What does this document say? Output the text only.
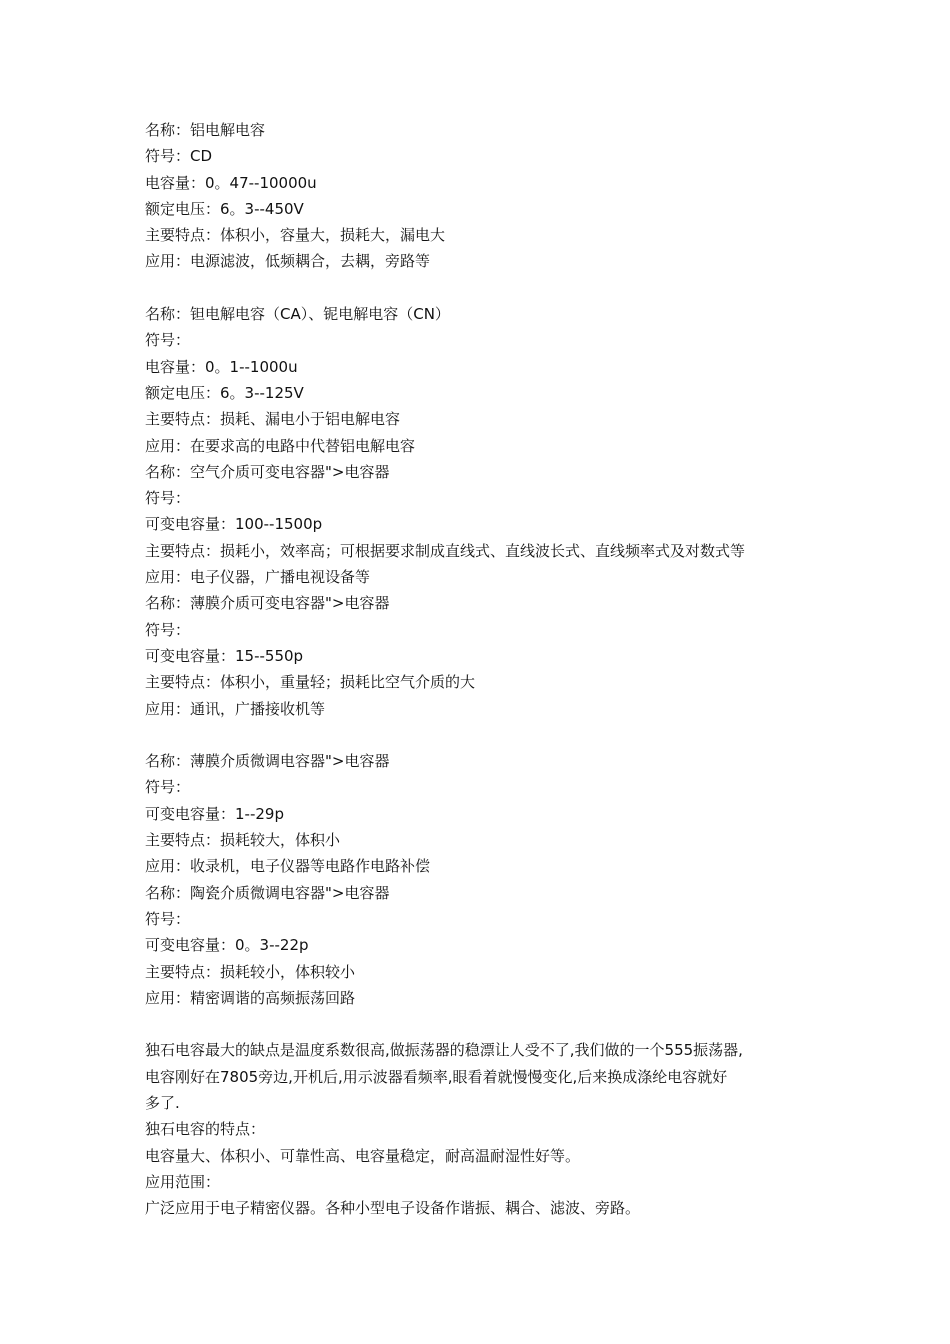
名称：铝电解电容
符号：CD
电容量：0。47--10000u
额定电压：6。3--450V
主要特点：体积小，容量大，损耗大，漏电大
应用：电源滤波，低频耦合，去耦，旁路等
名称：钽电解电容（CA）、铌电解电容（CN）
符号：
电容量：0。1--1000u
额定电压：6。3--125V
主要特点：损耗、漏电小于铝电解电容
应用：在要求高的电路中代替铝电解电容
名称：空气介质可变电容器">电容器
符号：
可变电容量：100--1500p
主要特点：损耗小，效率高；可根据要求制成直线式、直线波长式、直线频率式及对数式等
应用：电子仪器，广播电视设备等
名称：薄膜介质可变电容器">电容器
符号：
可变电容量：15--550p
主要特点：体积小，重量轻；损耗比空气介质的大
应用：通讯，广播接收机等
名称：薄膜介质微调电容器">电容器
符号：
可变电容量：1--29p
主要特点：损耗较大，体积小
应用：收录机，电子仪器等电路作电路补偿
名称：陶瓷介质微调电容器">电容器
符号：
可变电容量：0。3--22p
主要特点：损耗较小，体积较小
应用：精密调谐的高频振荡回路
独石电容最大的缺点是温度系数很高,做振荡器的稳漂让人受不了,我们做的一个555振荡器,
电容刚好在7805旁边,开机后,用示波器看频率,眼看着就慢慢变化,后来换成涤纶电容就好
多了.
独石电容的特点：
电容量大、体积小、可靠性高、电容量稳定，耐高温耐湿性好等。
应用范围：
广泛应用于电子精密仪器。各种小型电子设备作谐振、耦合、滤波、旁路。
